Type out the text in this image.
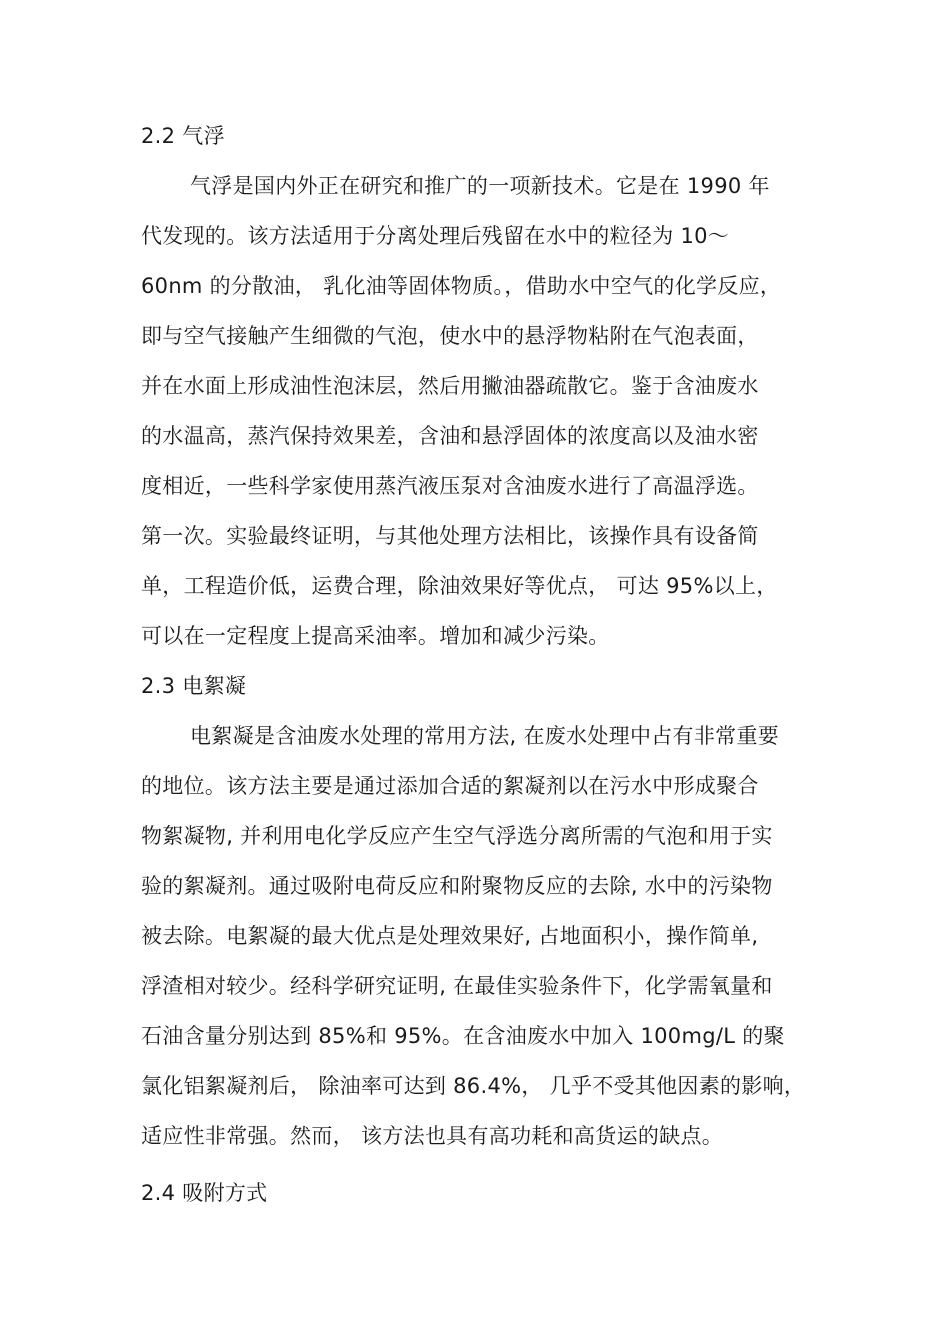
2.2 气浮
气浮是国内外正在研究和推广的一项新技术。它是在 1990 年
代发现的。该方法适用于分离处理后残留在水中的粒径为 10～
60nm 的分散油， 乳化油等固体物质。，借助水中空气的化学反应，
即与空气接触产生细微的气泡，使水中的悬浮物粘附在气泡表面，
并在水面上形成油性泡沫层，然后用撇油器疏散它。鉴于含油废水
的水温高，蒸汽保持效果差，含油和悬浮固体的浓度高以及油水密
度相近，一些科学家使用蒸汽液压泵对含油废水进行了高温浮选。
第一次。实验最终证明，与其他处理方法相比，该操作具有设备简
单，工程造价低，运费合理，除油效果好等优点， 可达 95%以上，
可以在一定程度上提高采油率。增加和减少污染。
2.3 电絮凝
电絮凝是含油废水处理的常用方法, 在废水处理中占有非常重要
的地位。该方法主要是通过添加合适的絮凝剂以在污水中形成聚合
物絮凝物, 并利用电化学反应产生空气浮选分离所需的气泡和用于实
验的絮凝剂。通过吸附电荷反应和附聚物反应的去除, 水中的污染物
被去除。电絮凝的最大优点是处理效果好, 占地面积小，操作简单,
浮渣相对较少。经科学研究证明, 在最佳实验条件下，化学需氧量和
石油含量分别达到 85%和 95%。在含油废水中加入 100mg/L 的聚
氯化铝絮凝剂后， 除油率可达到 86.4%， 几乎不受其他因素的影响，
适应性非常强。然而， 该方法也具有高功耗和高货运的缺点。
2.4 吸附方式
